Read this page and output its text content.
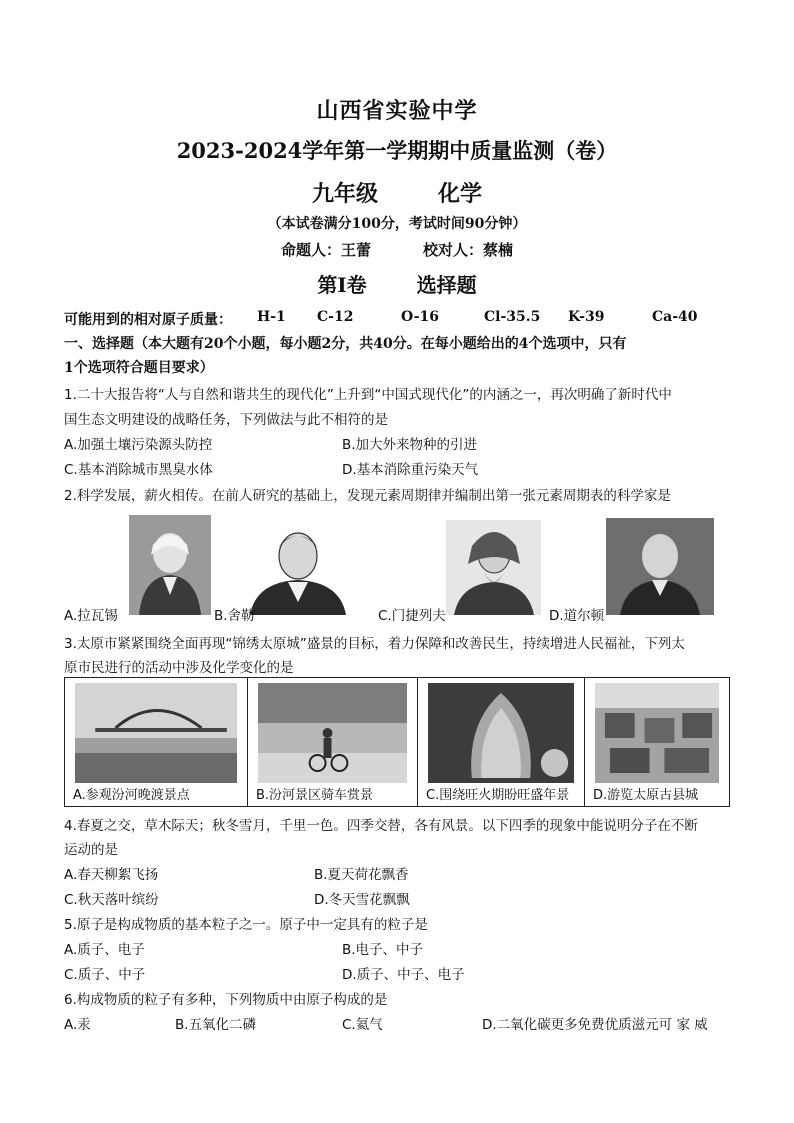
山西省实验中学
2023-2024学年第一学期期中质量监测（卷）
九年级	化学
（本试卷满分100分，考试时间90分钟）
命题人：王蕾	校对人：蔡楠
第I卷	选择题
可能用到的相对原子质量： H-1 C-12	O-16	Cl-35.5 K-39	Ca-40
一、选择题（本大题有20个小题，每小题2分，共40分。在每小题给出的4个选项中，只有
1个选项符合题目要求）
1.二十大报告将“人与自然和谐共生的现代化”上升到“中国式现代化”的内涵之一，再次明确了新时代中
国生态文明建设的战略任务，下列做法与此不相符的是
A.加强土壤污染源头防控	B.加大外来物种的引进
C.基本消除城市黑臭水体	D.基本消除重污染天气
2.科学发展，薪火相传。在前人研究的基础上，发现元素周期律并编制出第一张元素周期表的科学家是
A.拉瓦锡	B.舍勒	C.门捷列夫	D.道尔顿
3.太原市紧紧围绕全面再现“锦绣太原城”盛景的目标，着力保障和改善民生，持续增进人民福祉，下列太
原市民进行的活动中涉及化学变化的是
A.参观汾河晚渡景点	B.汾河景区骑车赏景	C.围绕旺火期盼旺盛年景 D.游览太原古县城
4.春夏之交，草木际天；秋冬雪月，千里一色。四季交替，各有风景。以下四季的现象中能说明分子在不断
运动的是
A.春天柳絮飞扬	B.夏天荷花飘香
C.秋天落叶缤纷	D.冬天雪花飘飘
5.原子是构成物质的基本粒子之一。原子中一定具有的粒子是
A.质子、电子	B.电子、中子
C.质子、中子	D.质子、中子、电子
6.构成物质的粒子有多种，下列物质中由原子构成的是
A.汞	B.五氧化二磷	C.氦气	D.二氧化碳更多免费优质滋元可 家 威
